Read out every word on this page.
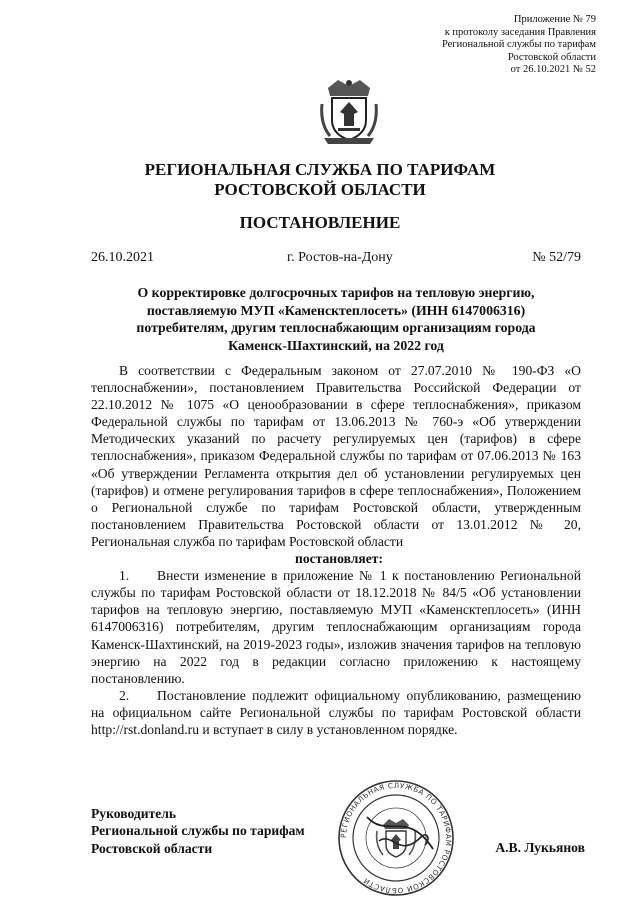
Приложение № 79
к протоколу заседания Правления
Региональной службы по тарифам
Ростовской области
от 26.10.2021 № 52
РЕГИОНАЛЬНАЯ СЛУЖБА ПО ТАРИФАМ
РОСТОВСКОЙ ОБЛАСТИ
ПОСТАНОВЛЕНИЕ
26.10.2021	г. Ростов-на-Дону	№ 52/79
О корректировке долгосрочных тарифов на тепловую энергию,
поставляемую МУП «Каменсктеплосеть» (ИНН 6147006316)
потребителям, другим теплоснабжающим организациям города
Каменск-Шахтинский, на 2022 год

В соответствии с Федеральным законом от 27.07.2010 № 190-ФЗ «О теплоснабжении», постановлением Правительства Российской Федерации от 22.10.2012 № 1075 «О ценообразовании в сфере теплоснабжения», приказом Федеральной службы по тарифам от 13.06.2013 № 760-э «Об утверждении Методических указаний по расчету регулируемых цен (тарифов) в сфере теплоснабжения», приказом Федеральной службы по тарифам от 07.06.2013 № 163 «Об утверждении Регламента открытия дел об установлении регулируемых цен (тарифов) и отмене регулирования тарифов в сфере теплоснабжения», Положением о Региональной службе по тарифам Ростовской области, утвержденным постановлением Правительства Ростовской области от 13.01.2012 № 20, Региональная служба по тарифам Ростовской области

постановляет:

1. Внести изменение в приложение № 1 к постановлению Региональной службы по тарифам Ростовской области от 18.12.2018 № 84/5 «Об установлении тарифов на тепловую энергию, поставляемую МУП «Каменсктеплосеть» (ИНН 6147006316) потребителям, другим теплоснабжающим организациям города Каменск-Шахтинский, на 2019-2023 годы», изложив значения тарифов на тепловую энергию на 2022 год в редакции согласно приложению к настоящему постановлению.

2. Постановление подлежит официальному опубликованию, размещению на официальном сайте Региональной службы по тарифам Ростовской области http://rst.donland.ru и вступает в силу в установленном порядке.

РЕГИОНАЛЬНАЯ СЛУЖБА ПО ТАРИФАМ РОСТОВСКОЙ ОБЛАСТИ
Руководитель
Региональной службы по тарифам
Ростовской области	А.В. Лукьянов
